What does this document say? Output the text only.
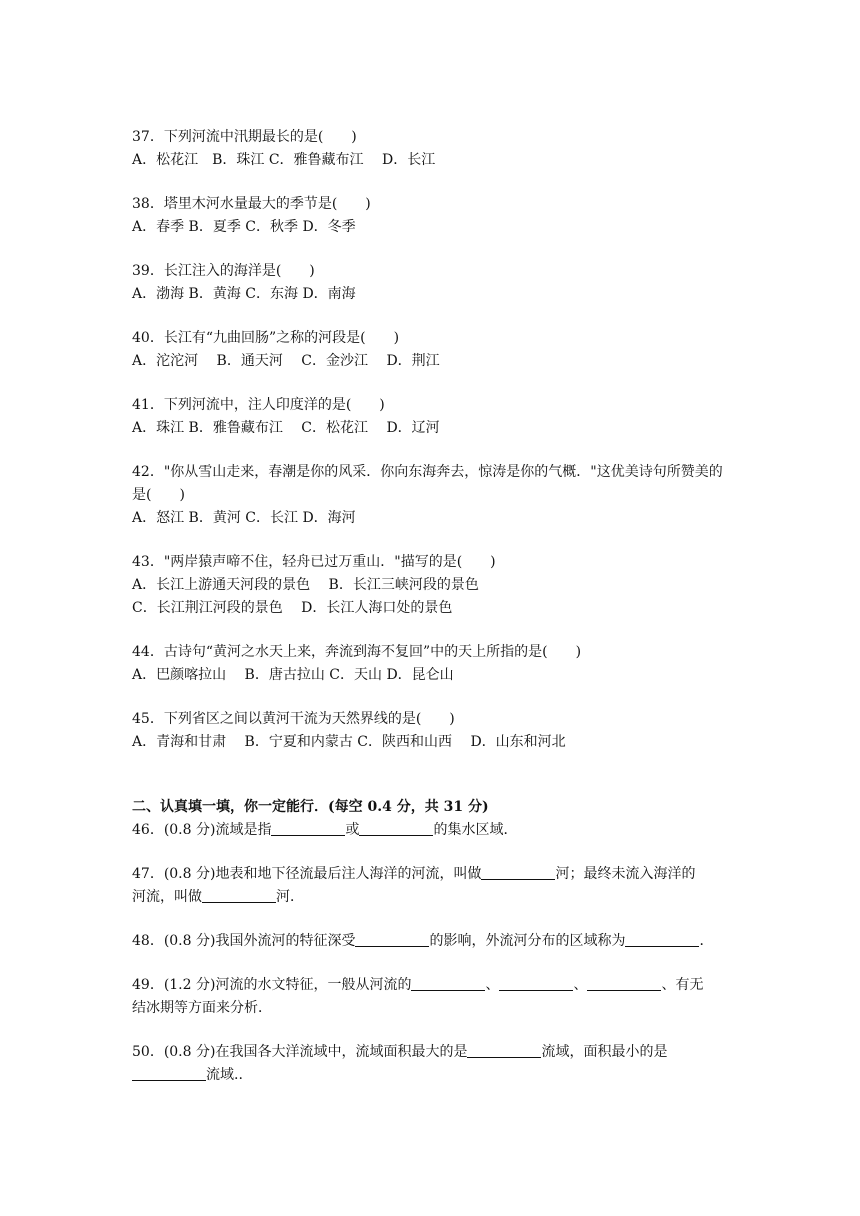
37．下列河流中汛期最长的是(　　)
A．松花江　B．珠江 C．雅鲁藏布江　 D．长江
38．塔里木河水量最大的季节是(　　)
A．春季 B．夏季 C．秋季 D．冬季
39．长江注入的海洋是(　　)
A．渤海 B．黄海 C．东海 D．南海
40．长江有“九曲回肠”之称的河段是(　　)
A．沱沱河　 B．通天河　 C．金沙江　 D．荆江
41．下列河流中，注人印度洋的是(　　)
A．珠江 B．雅鲁藏布江　 C．松花江　 D．辽河
42．"你从雪山走来，春潮是你的风采．你向东海奔去，惊涛是你的气概．"这优美诗句所赞美的是(　　)
A．怒江 B．黄河 C．长江 D．海河
43．"两岸猿声啼不住，轻舟已过万重山．"描写的是(　　)
A．长江上游通天河段的景色　 B．长江三峡河段的景色
C．长江荆江河段的景色　 D．长江人海口处的景色
44．古诗句“黄河之水天上来，奔流到海不复回”中的天上所指的是(　　)
A．巴颜喀拉山　 B．唐古拉山 C．天山 D．昆仑山
45．下列省区之间以黄河干流为天然界线的是(　　)
A．青海和甘肃　 B．宁夏和内蒙古 C．陕西和山西　 D．山东和河北
二、认真填一填，你一定能行．(每空 0.4 分，共 31 分)
46．(0.8 分)流域是指	或	的集水区域．
47．(0.8 分)地表和地下径流最后注人海洋的河流，叫做	河；最终未流入海洋的
河流，叫做	河．
48．(0.8 分)我国外流河的特征深受	的影响，外流河分布的区域称为	．
49．(1.2 分)河流的水文特征，一般从河流的	、	、	、有无
结冰期等方面来分析．
50．(0.8 分)在我国各大洋流域中，流域面积最大的是	流域，面积最小的是
流域..
